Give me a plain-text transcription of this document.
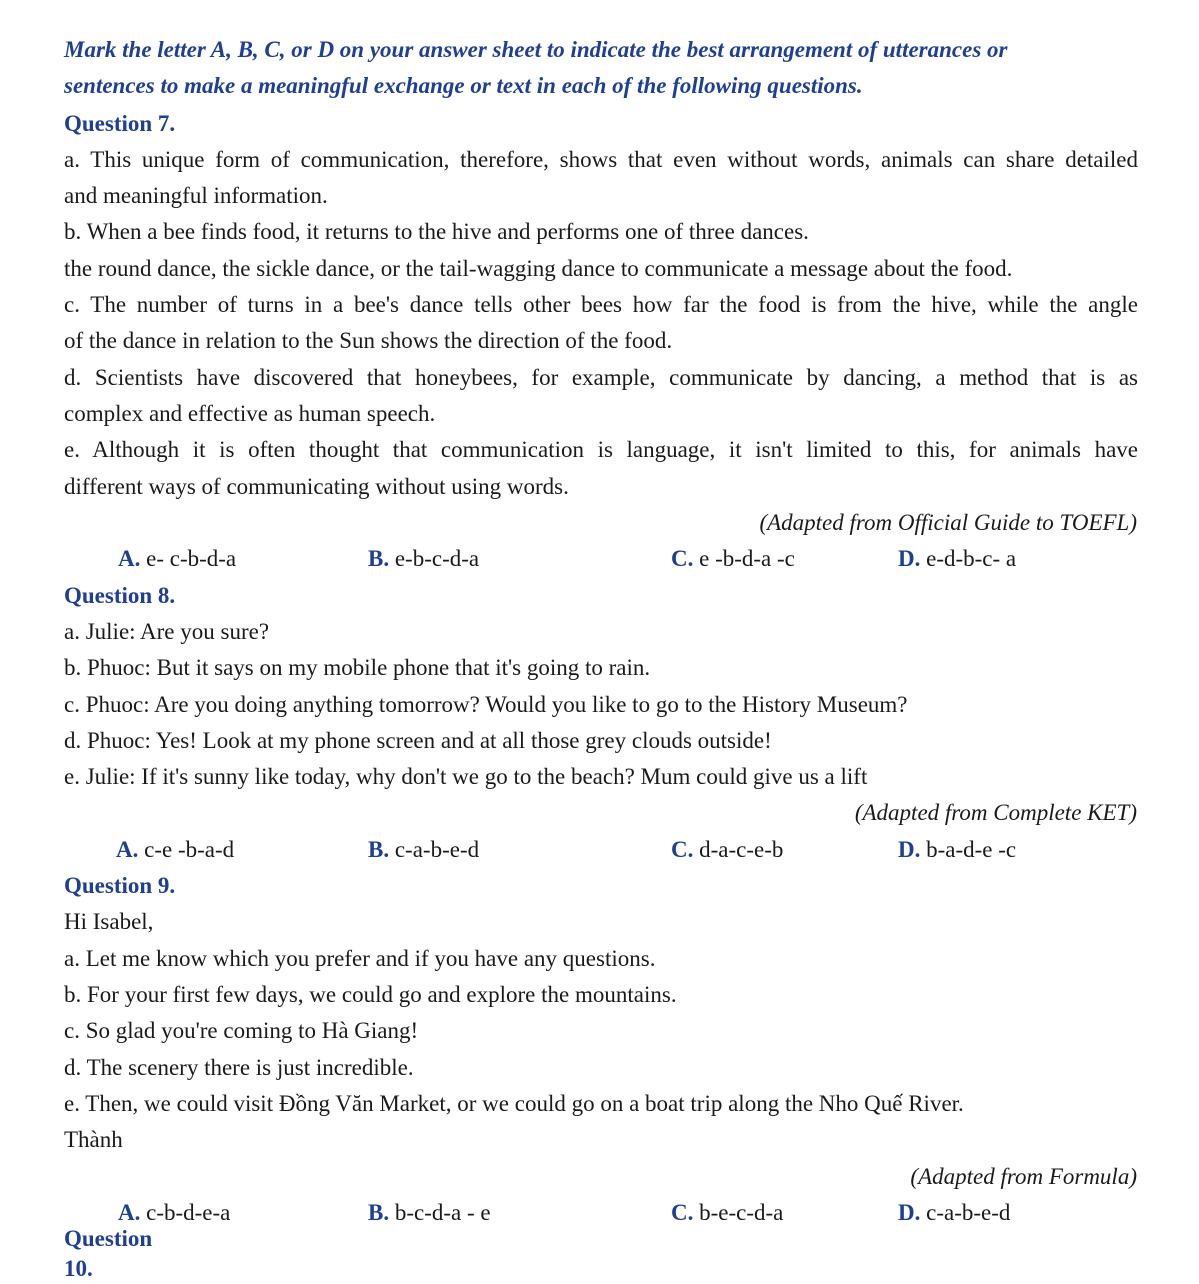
Mark the letter A, B, C, or D on your answer sheet to indicate the best arrangement of utterances or
sentences to make a meaningful exchange or text in each of the following questions.
Question 7.
a. This unique form of communication, therefore, shows that even without words, animals can share detailed
and meaningful information.
b. When a bee finds food, it returns to the hive and performs one of three dances.
the round dance, the sickle dance, or the tail-wagging dance to communicate a message about the food.
c. The number of turns in a bee's dance tells other bees how far the food is from the hive, while the angle
of the dance in relation to the Sun shows the direction of the food.
d. Scientists have discovered that honeybees, for example, communicate by dancing, a method that is as
complex and effective as human speech.
e. Although it is often thought that communication is language, it isn't limited to this, for animals have
different ways of communicating without using words.
(Adapted from Official Guide to TOEFL)
A. e- c-b-d-a	B. e-b-c-d-a	C. e -b-d-a -c	D. e-d-b-c- a
Question 8.
a. Julie: Are you sure?
b. Phuoc: But it says on my mobile phone that it's going to rain.
c. Phuoc: Are you doing anything tomorrow? Would you like to go to the History Museum?
d. Phuoc: Yes! Look at my phone screen and at all those grey clouds outside!
e. Julie: If it's sunny like today, why don't we go to the beach? Mum could give us a lift
(Adapted from Complete KET)
A. c-e -b-a-d	B. c-a-b-e-d	C. d-a-c-e-b	D. b-a-d-e -c
Question 9.
Hi Isabel,
a. Let me know which you prefer and if you have any questions.
b. For your first few days, we could go and explore the mountains.
c. So glad you're coming to Hà Giang!
d. The scenery there is just incredible.
e. Then, we could visit Đồng Văn Market, or we could go on a boat trip along the Nho Quế River.
Thành
(Adapted from Formula)
A. c-b-d-e-a	B. b-c-d-a - e	C. b-e-c-d-a	D. c-a-b-e-d
Question 10.
